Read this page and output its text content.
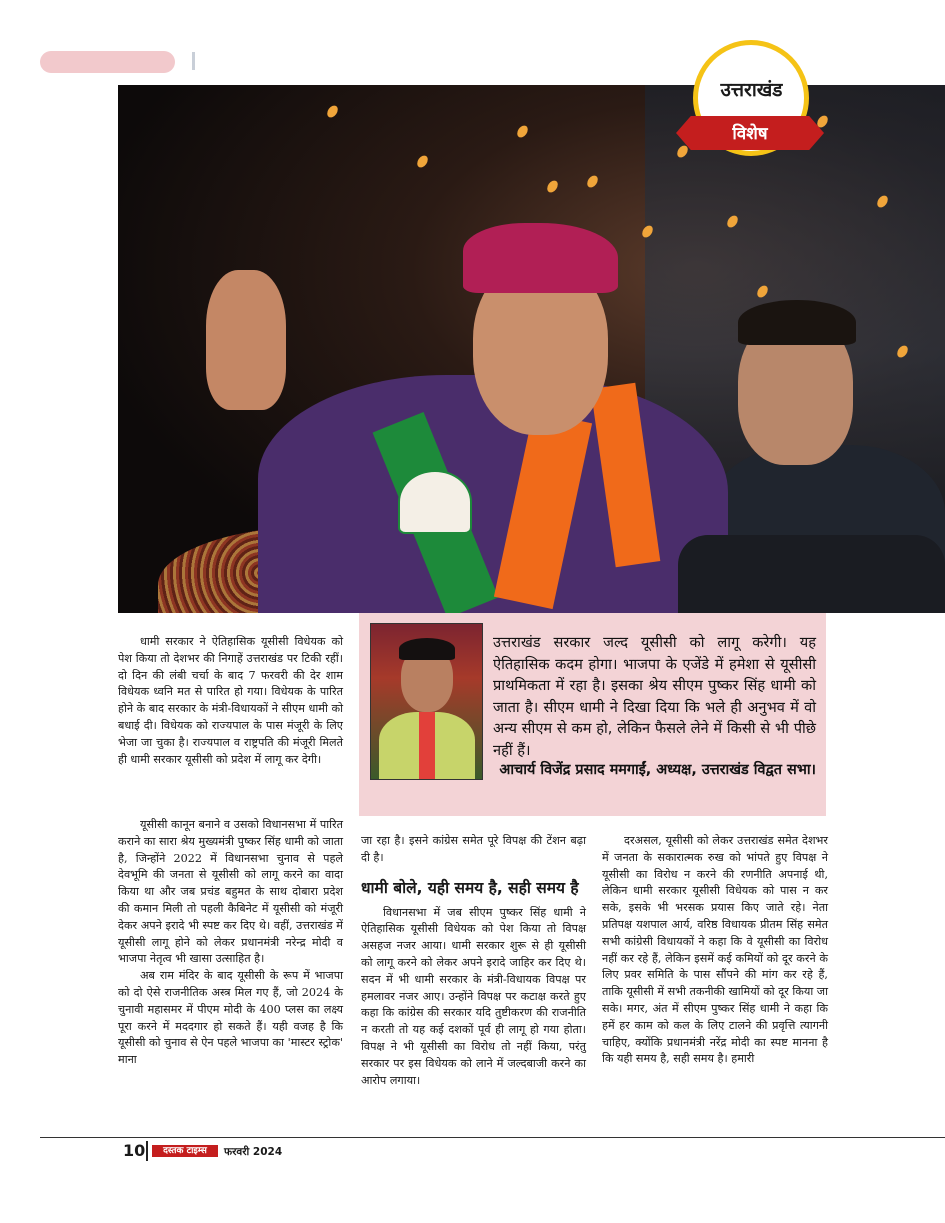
उत्तराखंड
विशेष

धामी सरकार ने ऐतिहासिक यूसीसी विधेयक को पेश किया तो देशभर की निगाहें उत्तराखंड पर टिकी रहीं। दो दिन की लंबी चर्चा के बाद 7 फरवरी की देर शाम विधेयक ध्वनि मत से पारित हो गया। विधेयक के पारित होने के बाद सरकार के मंत्री-विधायकों ने सीएम धामी को बधाई दी। विधेयक को राज्यपाल के पास मंजूरी के लिए भेजा जा चुका है। राज्यपाल व राष्ट्रपति की मंजूरी मिलते ही धामी सरकार यूसीसी को प्रदेश में लागू कर देगी।

उत्तराखंड सरकार जल्द यूसीसी को लागू करेगी। यह ऐतिहासिक कदम होगा। भाजपा के एजेंडे में हमेशा से यूसीसी प्राथमिकता में रहा है। इसका श्रेय सीएम पुष्कर सिंह धामी को जाता है। सीएम धामी ने दिखा दिया कि भले ही अनुभव में वो अन्य सीएम से कम हो, लेकिन फैसले लेने में किसी से भी पीछे नहीं हैं।
आचार्य विजेंद्र प्रसाद ममगाईं, अध्यक्ष, उत्तराखंड विद्वत सभा।

यूसीसी कानून बनाने व उसको विधानसभा में पारित कराने का सारा श्रेय मुख्यमंत्री पुष्कर सिंह धामी को जाता है, जिन्होंने 2022 में विधानसभा चुनाव से पहले देवभूमि की जनता से यूसीसी को लागू करने का वादा किया था और जब प्रचंड बहुमत के साथ दोबारा प्रदेश की कमान मिली तो पहली कैबिनेट में यूसीसी को मंजूरी देकर अपने इरादे भी स्पष्ट कर दिए थे। वहीं, उत्तराखंड में यूसीसी लागू होने को लेकर प्रधानमंत्री नरेन्द्र मोदी व भाजपा नेतृत्व भी खासा उत्साहित है।

अब राम मंदिर के बाद यूसीसी के रूप में भाजपा को दो ऐसे राजनीतिक अस्त्र मिल गए हैं, जो 2024 के चुनावी महासमर में पीएम मोदी के 400 प्लस का लक्ष्य पूरा करने में मददगार हो सकते हैं। यही वजह है कि यूसीसी को चुनाव से ऐन पहले भाजपा का 'मास्टर स्ट्रोक' माना

जा रहा है। इसने कांग्रेस समेत पूरे विपक्ष की टेंशन बढ़ा दी है।

धामी बोले, यही समय है, सही समय है

विधानसभा में जब सीएम पुष्कर सिंह धामी ने ऐतिहासिक यूसीसी विधेयक को पेश किया तो विपक्ष असहज नजर आया। धामी सरकार शुरू से ही यूसीसी को लागू करने को लेकर अपने इरादे जाहिर कर दिए थे। सदन में भी धामी सरकार के मंत्री-विधायक विपक्ष पर हमलावर नजर आए। उन्होंने विपक्ष पर कटाक्ष करते हुए कहा कि कांग्रेस की सरकार यदि तुष्टीकरण की राजनीति न करती तो यह कई दशकों पूर्व ही लागू हो गया होता। विपक्ष ने भी यूसीसी का विरोध तो नहीं किया, परंतु सरकार पर इस विधेयक को लाने में जल्दबाजी करने का आरोप लगाया।

दरअसल, यूसीसी को लेकर उत्तराखंड समेत देशभर में जनता के सकारात्मक रुख को भांपते हुए विपक्ष ने यूसीसी का विरोध न करने की रणनीति अपनाई थी, लेकिन धामी सरकार यूसीसी विधेयक को पास न कर सके, इसके भी भरसक प्रयास किए जाते रहे। नेता प्रतिपक्ष यशपाल आर्य, वरिष्ठ विधायक प्रीतम सिंह समेत सभी कांग्रेसी विधायकों ने कहा कि वे यूसीसी का विरोध नहीं कर रहे हैं, लेकिन इसमें कई कमियों को दूर करने के लिए प्रवर समिति के पास सौंपने की मांग कर रहे हैं, ताकि यूसीसी में सभी तकनीकी खामियों को दूर किया जा सके। मगर, अंत में सीएम पुष्कर सिंह धामी ने कहा कि हमें हर काम को कल के लिए टालने की प्रवृत्ति त्यागनी चाहिए, क्योंकि प्रधानमंत्री नरेंद्र मोदी का स्पष्ट मानना है कि यही समय है, सही समय है। हमारी

10	दस्तक टाइम्स	फरवरी 2024
